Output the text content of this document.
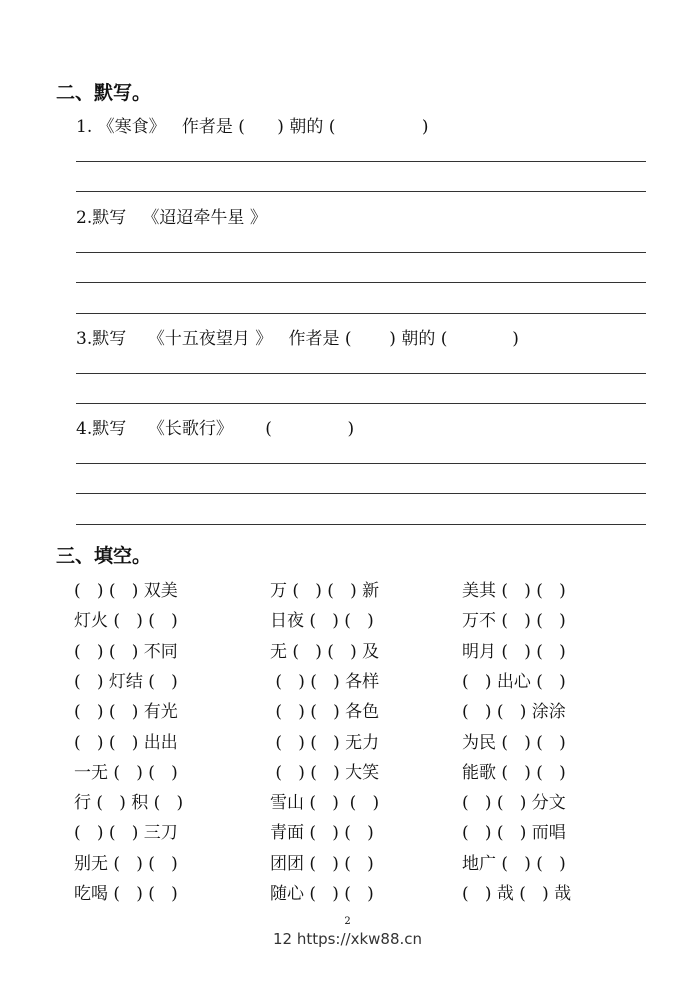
二、默写。
1. 《寒食》   作者是 (      ) 朝的 (                )
2.默写   《迢迢牵牛星 》
3.默写    《十五夜望月 》   作者是 (       ) 朝的 (            )
4.默写    《长歌行》      (              )
三、填空。
(   ) (   ) 双美	万 (   ) (   ) 新	美其 (   ) (   )
灯火 (   ) (   )	日夜 (   ) (   )	万不 (   ) (   )
(   ) (   ) 不同	无 (   ) (   ) 及	明月 (   ) (   )
(   ) 灯结 (   )	(   ) (   ) 各样	(   ) 出心 (   )
(   ) (   ) 有光	(   ) (   ) 各色	(   ) (   ) 涂涂
(   ) (   ) 出出	(   ) (   ) 无力	为民 (   ) (   )
一无 (   ) (   )	(   ) (   ) 大笑	能歌 (   ) (   )
行 (   ) 积 (   )	雪山 (   )  (   )	(   ) (   ) 分文
(   ) (   ) 三刀	青面 (   ) (   )	(   ) (   ) 而唱
别无 (   ) (   )	团团 (   ) (   )	地广 (   ) (   )
吃喝 (   ) (   )	随心 (   ) (   )	(   ) 哉 (   ) 哉
2
12 https://xkw88.cn
